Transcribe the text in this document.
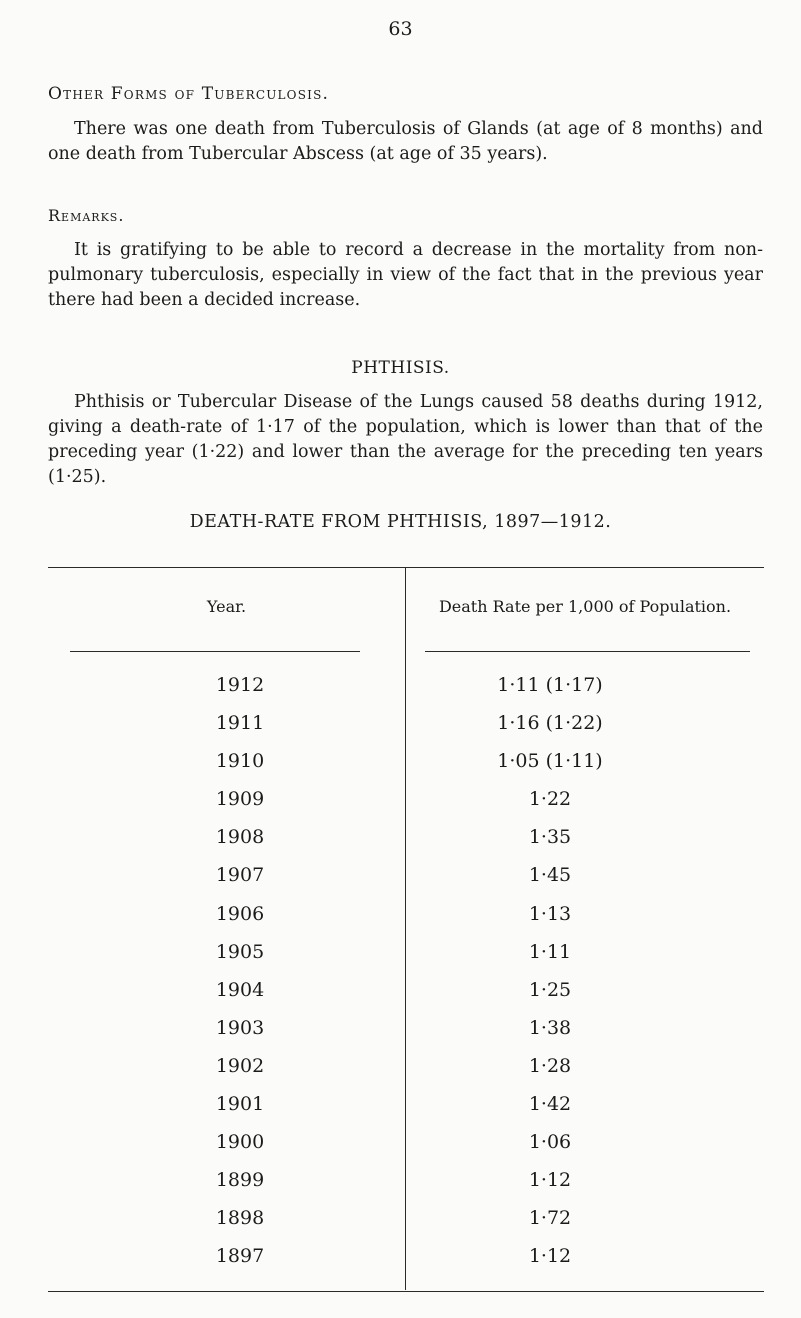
63
Other Forms of Tuberculosis.
There was one death from Tuberculosis of Glands (at age of 8 months) and one death from Tubercular Abscess (at age of 35 years).
Remarks.
It is gratifying to be able to record a decrease in the mortality from non-pulmonary tuberculosis, especially in view of the fact that in the previous year there had been a decided increase.
PHTHISIS.
Phthisis or Tubercular Disease of the Lungs caused 58 deaths during 1912, giving a death-rate of 1·17 of the population, which is lower than that of the preceding year (1·22) and lower than the average for the preceding ten years (1·25).
DEATH-RATE FROM PHTHISIS, 1897—1912.
Year.	Death Rate per 1,000 of Population.
1912	1·11 (1·17)
1911	1·16 (1·22)
1910	1·05 (1·11)
1909	1·22
1908	1·35
1907	1·45
1906	1·13
1905	1·11
1904	1·25
1903	1·38
1902	1·28
1901	1·42
1900	1·06
1899	1·12
1898	1·72
1897	1·12
